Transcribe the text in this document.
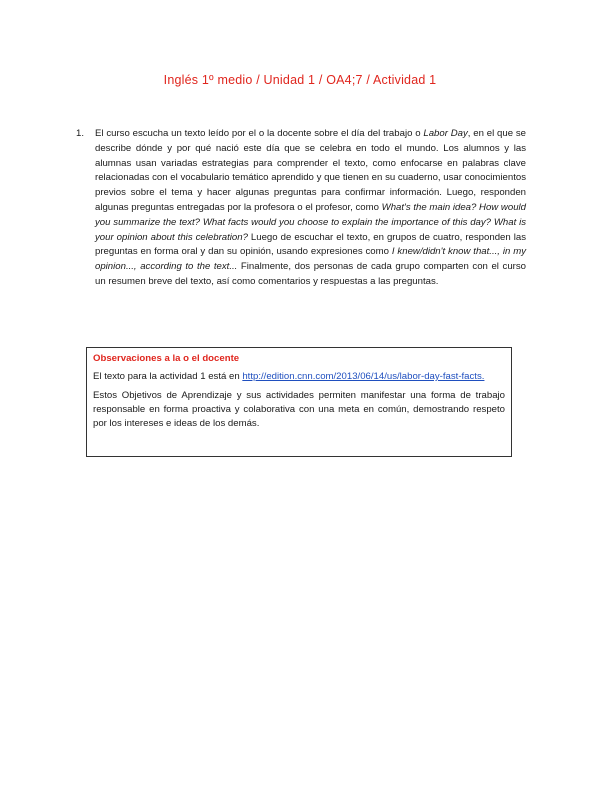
Inglés 1º medio / Unidad 1 / OA4;7 / Actividad 1
1.	El curso escucha un texto leído por el o la docente sobre el día del trabajo o Labor Day, en el que se describe dónde y por qué nació este día que se celebra en todo el mundo. Los alumnos y las alumnas usan variadas estrategias para comprender el texto, como enfocarse en palabras clave relacionadas con el vocabulario temático aprendido y que tienen en su cuaderno, usar conocimientos previos sobre el tema y hacer algunas preguntas para confirmar información. Luego, responden algunas preguntas entregadas por la profesora o el profesor, como What's the main idea? How would you summarize the text? What facts would you choose to explain the importance of this day? What is your opinion about this celebration? Luego de escuchar el texto, en grupos de cuatro, responden las preguntas en forma oral y dan su opinión, usando expresiones como I knew/didn't know that..., in my opinion..., according to the text... Finalmente, dos personas de cada grupo comparten con el curso un resumen breve del texto, así como comentarios y respuestas a las preguntas.
Observaciones a la o el docente

El texto para la actividad 1 está en http://edition.cnn.com/2013/06/14/us/labor-day-fast-facts.

Estos Objetivos de Aprendizaje y sus actividades permiten manifestar una forma de trabajo responsable en forma proactiva y colaborativa con una meta en común, demostrando respeto por los intereses e ideas de los demás.
